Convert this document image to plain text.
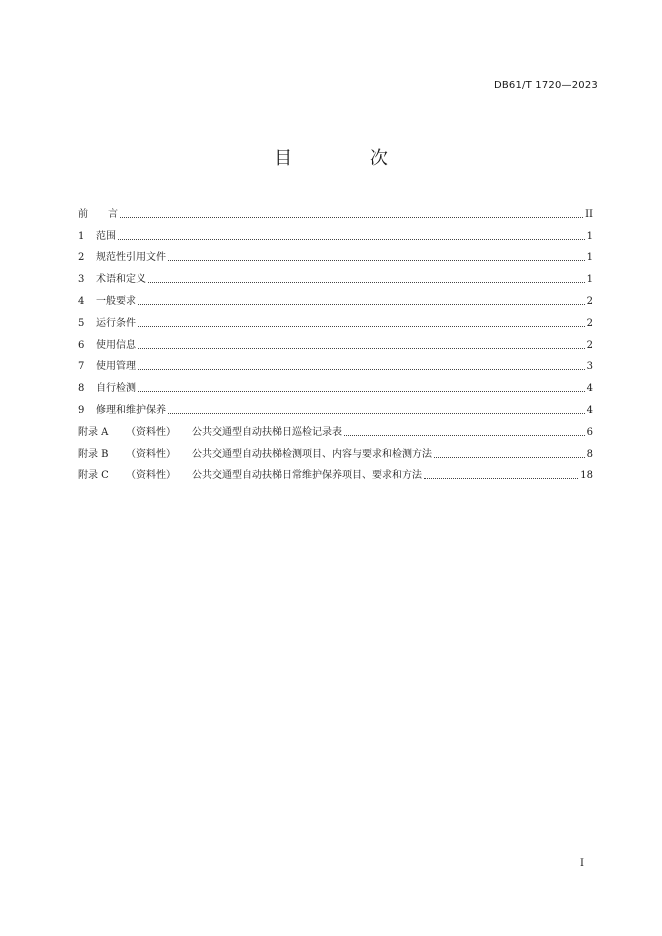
DB61/T 1720—2023
目 次
前　　言	II
1	范围	1
2	规范性引用文件	1
3	术语和定义	1
4	一般要求	2
5	运行条件	2
6	使用信息	2
7	使用管理	3
8	自行检测	4
9	修理和维护保养	4
附录 A	（资料性）	公共交通型自动扶梯日巡检记录表	6
附录 B	（资料性）	公共交通型自动扶梯检测项目、内容与要求和检测方法	8
附录 C	（资料性）	公共交通型自动扶梯日常维护保养项目、要求和方法	18
I
